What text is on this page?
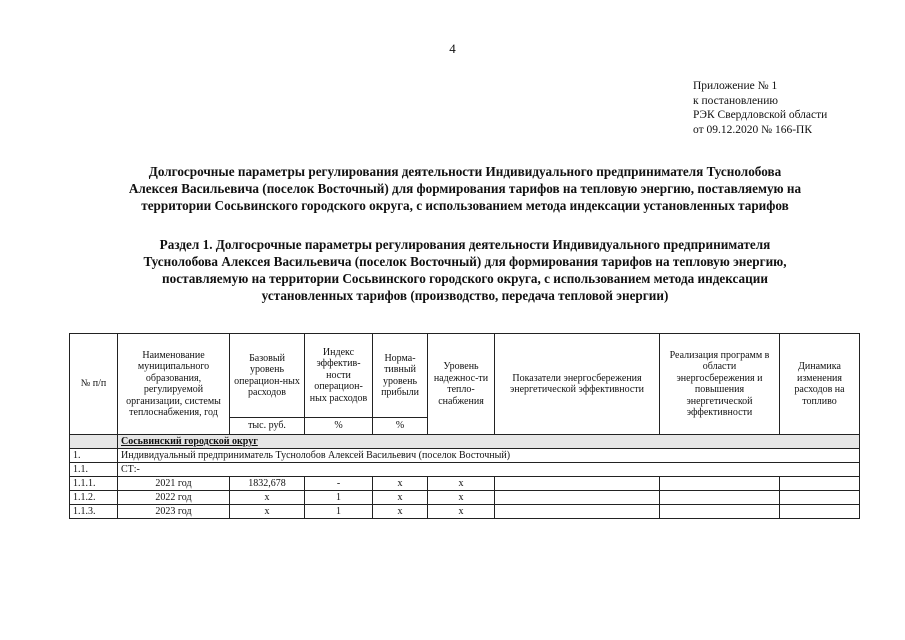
4
Приложение № 1
к постановлению
РЭК Свердловской области
от 09.12.2020 № 166-ПК
Долгосрочные параметры регулирования деятельности Индивидуального предпринимателя Туснолобова
Алексея Васильевича (поселок Восточный) для формирования тарифов на тепловую энергию, поставляемую на
территории Сосьвинского городского округа, с использованием метода индексации установленных тарифов
Раздел 1. Долгосрочные параметры регулирования деятельности Индивидуального предпринимателя
Туснолобова Алексея Васильевича (поселок Восточный) для формирования тарифов на тепловую энергию,
поставляемую на территории Сосьвинского городского округа, с использованием метода индексации
установленных тарифов (производство, передача тепловой энергии)
№ п/п	Наименование муниципального образования, регулируемой организации, системы теплоснабжения, год	Базовый уровень операцион-ных расходов	Индекс эффектив-ности операцион-ных расходов	Норма-тивный уровень прибыли	Уровень надежнос-ти тепло-снабжения	Показатели энергосбережения энергетической эффективности	Реализация программ в области энергосбережения и повышения энергетической эффективности	Динамика изменения расходов на топливо
		тыс. руб.	%	%				
	Сосьвинский городской округ							
1.	Индивидуальный предприниматель Туснолобов Алексей Васильевич (поселок Восточный)							
1.1.	СТ:-							
1.1.1.	2021 год	1832,678	-	x	x			
1.1.2.	2022 год	x	1	x	x			
1.1.3.	2023 год	x	1	x	x			
